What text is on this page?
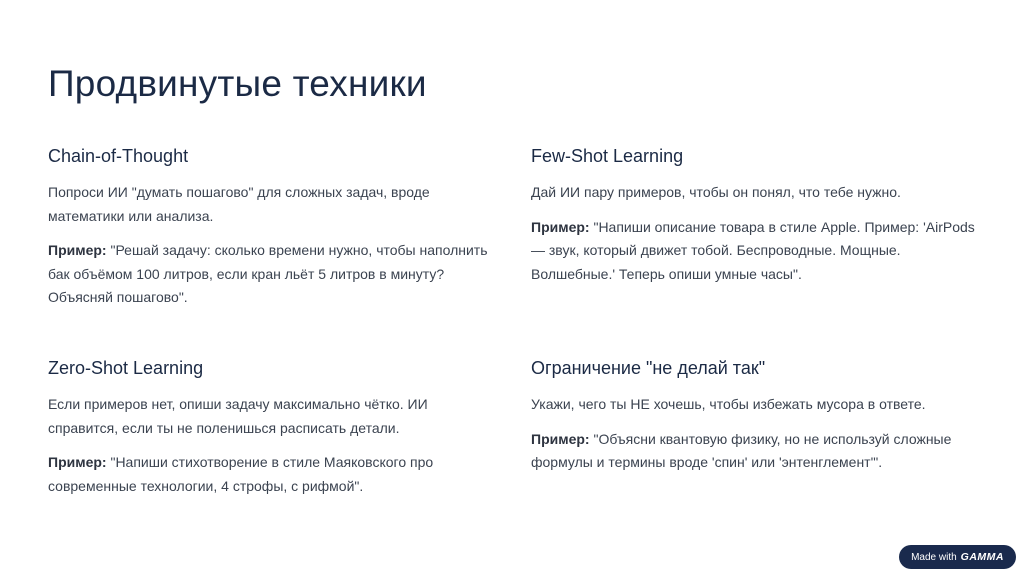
Продвинутые техники
Chain-of-Thought

Попроси ИИ "думать пошагово" для сложных задач, вроде математики или анализа.

Пример: "Решай задачу: сколько времени нужно, чтобы наполнить бак объёмом 100 литров, если кран льёт 5 литров в минуту? Объясняй пошагово".

Few-Shot Learning

Дай ИИ пару примеров, чтобы он понял, что тебе нужно.

Пример: "Напиши описание товара в стиле Apple. Пример: 'AirPods — звук, который движет тобой. Беспроводные. Мощные. Волшебные.' Теперь опиши умные часы".

Zero-Shot Learning

Если примеров нет, опиши задачу максимально чётко. ИИ справится, если ты не поленишься расписать детали.

Пример: "Напиши стихотворение в стиле Маяковского про современные технологии, 4 строфы, с рифмой".

Ограничение "не делай так"

Укажи, чего ты НЕ хочешь, чтобы избежать мусора в ответе.

Пример: "Объясни квантовую физику, но не используй сложные формулы и термины вроде 'спин' или 'энтенглемент'".

Made with GAMMA
